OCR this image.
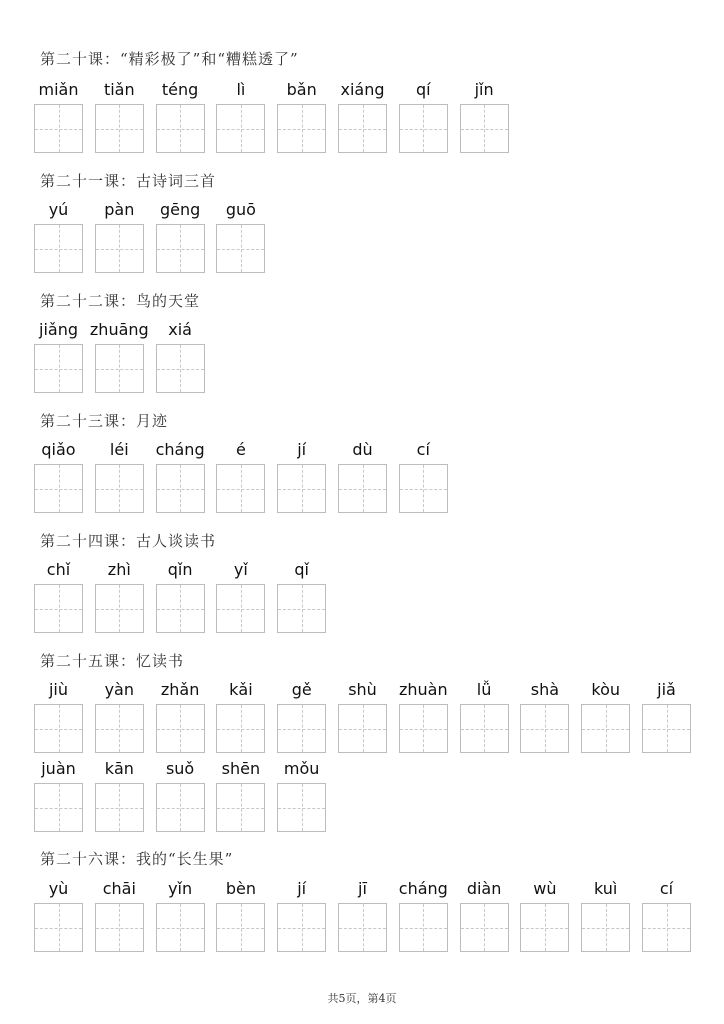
第二十课：“精彩极了”和“糟糕透了”
miǎn	tiǎn	téng	lì	bǎn	xiáng	qí	jǐn
第二十一课：古诗词三首
yú	pàn	gēng	guō
第二十二课：鸟的天堂
jiǎng zhuāng	xiá
第二十三课：月迹
qiǎo	léi	cháng	é	jí	dù	cí
第二十四课：古人谈读书
chǐ	zhì	qǐn	yǐ	qǐ
第二十五课：忆读书
jiù	yàn	zhǎn	kǎi	gě	shù	zhuàn	lǚ	shà	kòu	jiǎ
juàn	kān	suǒ	shēn	mǒu
第二十六课：我的“长生果”
yù	chāi	yǐn	bèn	jí	jī	cháng	diàn	wù	kuì	cí
共5页，第4页
